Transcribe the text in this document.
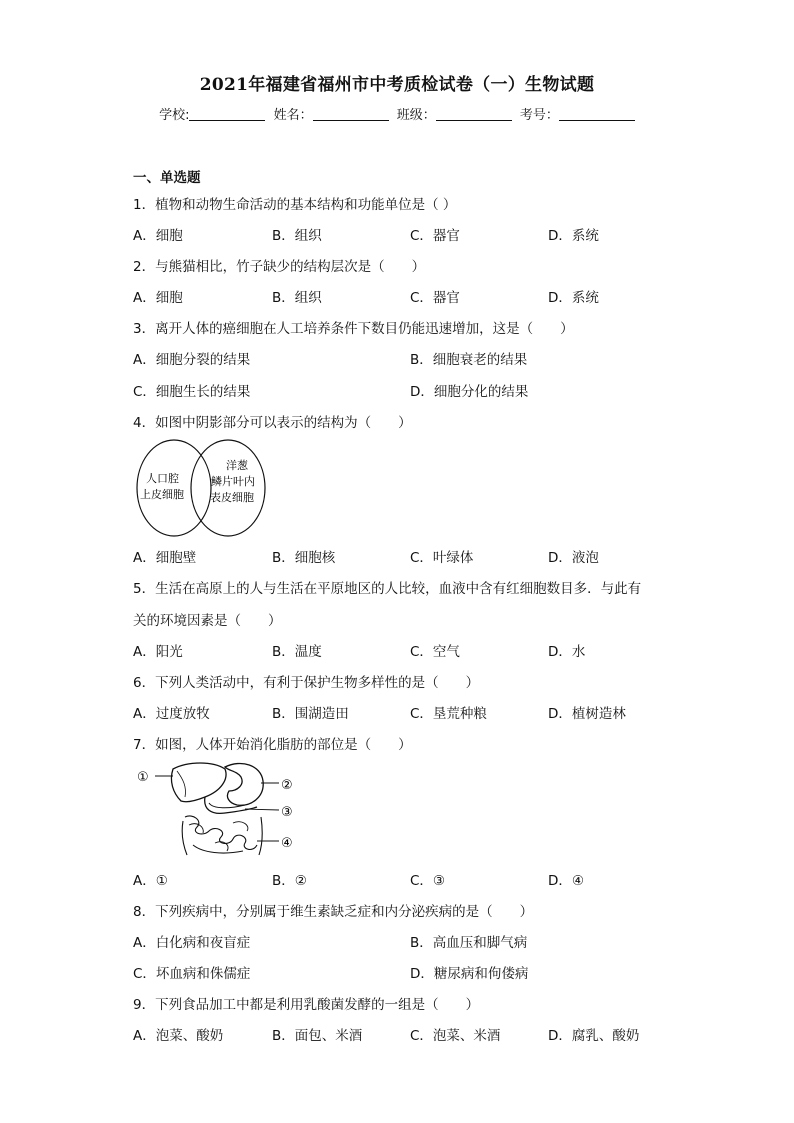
2021年福建省福州市中考质检试卷（一）生物试题
学校:	姓名：	班级：	考号：
一、单选题
1．植物和动物生命活动的基本结构和功能单位是（ ）
A．细胞	B．组织	C．器官	D．系统
2．与熊猫相比，竹子缺少的结构层次是（　　）
A．细胞	B．组织	C．器官	D．系统
3．离开人体的癌细胞在人工培养条件下数目仍能迅速增加，这是（　　）
A．细胞分裂的结果	B．细胞衰老的结果
C．细胞生长的结果	D．细胞分化的结果
4．如图中阴影部分可以表示的结构为（　　）
人口腔
上皮细胞
洋葱
鳞片叶内
表皮细胞
A．细胞壁	B．细胞核	C．叶绿体	D．液泡
5．生活在高原上的人与生活在平原地区的人比较，血液中含有红细胞数目多．与此有
关的环境因素是（　　）
A．阳光	B．温度	C．空气	D．水
6．下列人类活动中，有利于保护生物多样性的是（　　）
A．过度放牧	B．围湖造田	C．垦荒种粮	D．植树造林
7．如图，人体开始消化脂肪的部位是（　　）
①
②
③
④
A．①	B．②	C．③	D．④
8．下列疾病中，分别属于维生素缺乏症和内分泌疾病的是（　　）
A．白化病和夜盲症	B．高血压和脚气病
C．坏血病和侏儒症	D．糖尿病和佝偻病
9．下列食品加工中都是利用乳酸菌发酵的一组是（　　）
A．泡菜、酸奶	B．面包、米酒	C．泡菜、米酒	D．腐乳、酸奶
